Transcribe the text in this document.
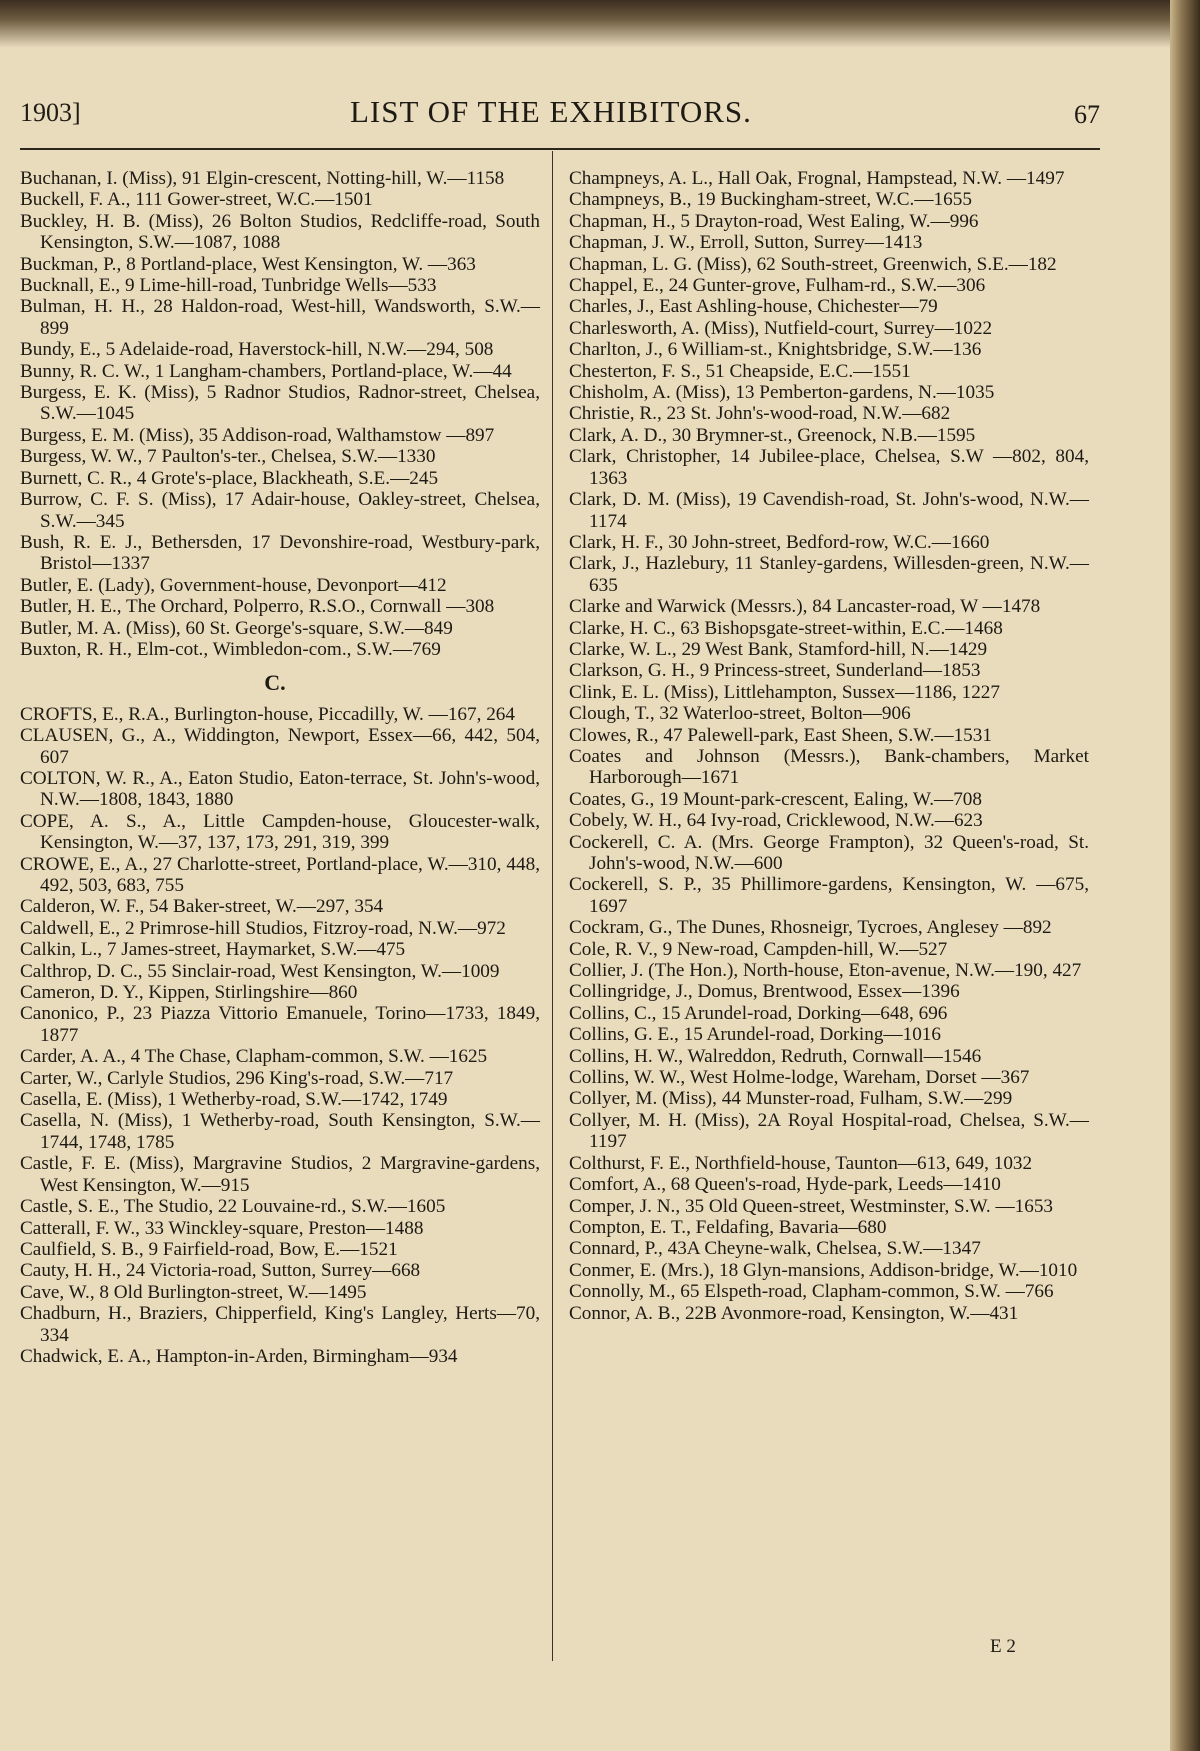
1903]	LIST OF THE EXHIBITORS.	67

Buchanan, I. (Miss), 91 Elgin-crescent, Notting-hill, W.—1158

Buckell, F. A., 111 Gower-street, W.C.—1501

Buckley, H. B. (Miss), 26 Bolton Studios, Redcliffe-road, South Kensington, S.W.—1087, 1088

Buckman, P., 8 Portland-place, West Kensington, W. —363

Bucknall, E., 9 Lime-hill-road, Tunbridge Wells—533

Bulman, H. H., 28 Haldon-road, West-hill, Wandsworth, S.W.—899

Bundy, E., 5 Adelaide-road, Haverstock-hill, N.W.—294, 508

Bunny, R. C. W., 1 Langham-chambers, Portland-place, W.—44

Burgess, E. K. (Miss), 5 Radnor Studios, Radnor-street, Chelsea, S.W.—1045

Burgess, E. M. (Miss), 35 Addison-road, Walthamstow —897

Burgess, W. W., 7 Paulton's-ter., Chelsea, S.W.—1330

Burnett, C. R., 4 Grote's-place, Blackheath, S.E.—245

Burrow, C. F. S. (Miss), 17 Adair-house, Oakley-street, Chelsea, S.W.—345

Bush, R. E. J., Bethersden, 17 Devonshire-road, Westbury-park, Bristol—1337

Butler, E. (Lady), Government-house, Devonport—412

Butler, H. E., The Orchard, Polperro, R.S.O., Cornwall —308

Butler, M. A. (Miss), 60 St. George's-square, S.W.—849

Buxton, R. H., Elm-cot., Wimbledon-com., S.W.—769

C.

CROFTS, E., R.A., Burlington-house, Piccadilly, W. —167, 264

CLAUSEN, G., A., Widdington, Newport, Essex—66, 442, 504, 607

COLTON, W. R., A., Eaton Studio, Eaton-terrace, St. John's-wood, N.W.—1808, 1843, 1880

COPE, A. S., A., Little Campden-house, Gloucester-walk, Kensington, W.—37, 137, 173, 291, 319, 399

CROWE, E., A., 27 Charlotte-street, Portland-place, W.—310, 448, 492, 503, 683, 755

Calderon, W. F., 54 Baker-street, W.—297, 354

Caldwell, E., 2 Primrose-hill Studios, Fitzroy-road, N.W.—972

Calkin, L., 7 James-street, Haymarket, S.W.—475

Calthrop, D. C., 55 Sinclair-road, West Kensington, W.—1009

Cameron, D. Y., Kippen, Stirlingshire—860

Canonico, P., 23 Piazza Vittorio Emanuele, Torino—1733, 1849, 1877

Carder, A. A., 4 The Chase, Clapham-common, S.W. —1625

Carter, W., Carlyle Studios, 296 King's-road, S.W.—717

Casella, E. (Miss), 1 Wetherby-road, S.W.—1742, 1749

Casella, N. (Miss), 1 Wetherby-road, South Kensington, S.W.—1744, 1748, 1785

Castle, F. E. (Miss), Margravine Studios, 2 Margravine-gardens, West Kensington, W.—915

Castle, S. E., The Studio, 22 Louvaine-rd., S.W.—1605

Catterall, F. W., 33 Winckley-square, Preston—1488

Caulfield, S. B., 9 Fairfield-road, Bow, E.—1521

Cauty, H. H., 24 Victoria-road, Sutton, Surrey—668

Cave, W., 8 Old Burlington-street, W.—1495

Chadburn, H., Braziers, Chipperfield, King's Langley, Herts—70, 334

Chadwick, E. A., Hampton-in-Arden, Birmingham—934

Champneys, A. L., Hall Oak, Frognal, Hampstead, N.W. —1497

Champneys, B., 19 Buckingham-street, W.C.—1655

Chapman, H., 5 Drayton-road, West Ealing, W.—996

Chapman, J. W., Erroll, Sutton, Surrey—1413

Chapman, L. G. (Miss), 62 South-street, Greenwich, S.E.—182

Chappel, E., 24 Gunter-grove, Fulham-rd., S.W.—306

Charles, J., East Ashling-house, Chichester—79

Charlesworth, A. (Miss), Nutfield-court, Surrey—1022

Charlton, J., 6 William-st., Knightsbridge, S.W.—136

Chesterton, F. S., 51 Cheapside, E.C.—1551

Chisholm, A. (Miss), 13 Pemberton-gardens, N.—1035

Christie, R., 23 St. John's-wood-road, N.W.—682

Clark, A. D., 30 Brymner-st., Greenock, N.B.—1595

Clark, Christopher, 14 Jubilee-place, Chelsea, S.W —802, 804, 1363

Clark, D. M. (Miss), 19 Cavendish-road, St. John's-wood, N.W.—1174

Clark, H. F., 30 John-street, Bedford-row, W.C.—1660

Clark, J., Hazlebury, 11 Stanley-gardens, Willesden-green, N.W.—635

Clarke and Warwick (Messrs.), 84 Lancaster-road, W —1478

Clarke, H. C., 63 Bishopsgate-street-within, E.C.—1468

Clarke, W. L., 29 West Bank, Stamford-hill, N.—1429

Clarkson, G. H., 9 Princess-street, Sunderland—1853

Clink, E. L. (Miss), Littlehampton, Sussex—1186, 1227

Clough, T., 32 Waterloo-street, Bolton—906

Clowes, R., 47 Palewell-park, East Sheen, S.W.—1531

Coates and Johnson (Messrs.), Bank-chambers, Market Harborough—1671

Coates, G., 19 Mount-park-crescent, Ealing, W.—708

Cobely, W. H., 64 Ivy-road, Cricklewood, N.W.—623

Cockerell, C. A. (Mrs. George Frampton), 32 Queen's-road, St. John's-wood, N.W.—600

Cockerell, S. P., 35 Phillimore-gardens, Kensington, W. —675, 1697

Cockram, G., The Dunes, Rhosneigr, Tycroes, Anglesey —892

Cole, R. V., 9 New-road, Campden-hill, W.—527

Collier, J. (The Hon.), North-house, Eton-avenue, N.W.—190, 427

Collingridge, J., Domus, Brentwood, Essex—1396

Collins, C., 15 Arundel-road, Dorking—648, 696

Collins, G. E., 15 Arundel-road, Dorking—1016

Collins, H. W., Walreddon, Redruth, Cornwall—1546

Collins, W. W., West Holme-lodge, Wareham, Dorset —367

Collyer, M. (Miss), 44 Munster-road, Fulham, S.W.—299

Collyer, M. H. (Miss), 2A Royal Hospital-road, Chelsea, S.W.—1197

Colthurst, F. E., Northfield-house, Taunton—613, 649, 1032

Comfort, A., 68 Queen's-road, Hyde-park, Leeds—1410

Comper, J. N., 35 Old Queen-street, Westminster, S.W. —1653

Compton, E. T., Feldafing, Bavaria—680

Connard, P., 43A Cheyne-walk, Chelsea, S.W.—1347

Conmer, E. (Mrs.), 18 Glyn-mansions, Addison-bridge, W.—1010

Connolly, M., 65 Elspeth-road, Clapham-common, S.W. —766

Connor, A. B., 22B Avonmore-road, Kensington, W.—431

E 2
